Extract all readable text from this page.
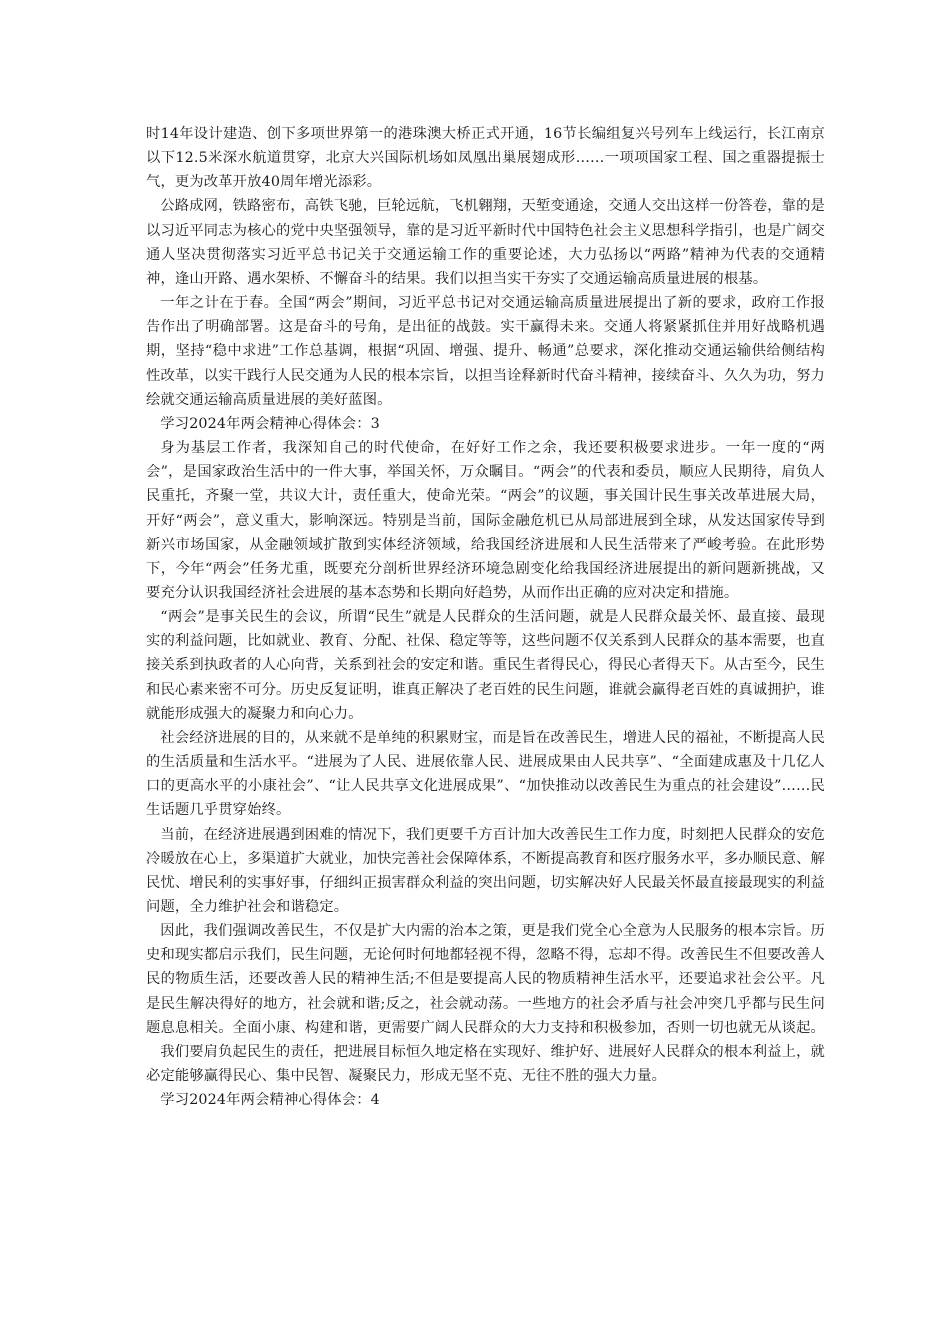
时14年设计建造、创下多项世界第一的港珠澳大桥正式开通，16节长编组复兴号列车上线运行，长江南京以下12.5米深水航道贯穿，北京大兴国际机场如凤凰出巢展翅成形……一项项国家工程、国之重器提振士气，更为改革开放40周年增光添彩。

公路成网，铁路密布，高铁飞驰，巨轮远航，飞机翱翔，天堑变通途，交通人交出这样一份答卷，靠的是以习近平同志为核心的党中央坚强领导，靠的是习近平新时代中国特色社会主义思想科学指引，也是广阔交通人坚决贯彻落实习近平总书记关于交通运输工作的重要论述，大力弘扬以“两路”精神为代表的交通精神，逢山开路、遇水架桥、不懈奋斗的结果。我们以担当实干夯实了交通运输高质量进展的根基。

一年之计在于春。全国“两会”期间，习近平总书记对交通运输高质量进展提出了新的要求，政府工作报告作出了明确部署。这是奋斗的号角，是出征的战鼓。实干赢得未来。交通人将紧紧抓住并用好战略机遇期，坚持“稳中求进”工作总基调，根据“巩固、增强、提升、畅通”总要求，深化推动交通运输供给侧结构性改革，以实干践行人民交通为人民的根本宗旨，以担当诠释新时代奋斗精神，接续奋斗、久久为功，努力绘就交通运输高质量进展的美好蓝图。

学习2024年两会精神心得体会：3

身为基层工作者，我深知自己的时代使命，在好好工作之余，我还要积极要求进步。一年一度的“两会”，是国家政治生活中的一件大事，举国关怀，万众瞩目。“两会”的代表和委员，顺应人民期待，肩负人民重托，齐聚一堂，共议大计，责任重大，使命光荣。“两会”的议题，事关国计民生事关改革进展大局，开好“两会”，意义重大，影响深远。特别是当前，国际金融危机已从局部进展到全球，从发达国家传导到新兴市场国家，从金融领域扩散到实体经济领域，给我国经济进展和人民生活带来了严峻考验。在此形势下，今年“两会”任务尤重，既要充分剖析世界经济环境急剧变化给我国经济进展提出的新问题新挑战，又要充分认识我国经济社会进展的基本态势和长期向好趋势，从而作出正确的应对决定和措施。

“两会”是事关民生的会议，所谓“民生”就是人民群众的生活问题，就是人民群众最关怀、最直接、最现实的利益问题，比如就业、教育、分配、社保、稳定等等，这些问题不仅关系到人民群众的基本需要，也直接关系到执政者的人心向背，关系到社会的安定和谐。重民生者得民心，得民心者得天下。从古至今，民生和民心素来密不可分。历史反复证明，谁真正解决了老百姓的民生问题，谁就会赢得老百姓的真诚拥护，谁就能形成强大的凝聚力和向心力。

社会经济进展的目的，从来就不是单纯的积累财宝，而是旨在改善民生，增进人民的福祉，不断提高人民的生活质量和生活水平。“进展为了人民、进展依靠人民、进展成果由人民共享”、“全面建成惠及十几亿人口的更高水平的小康社会”、“让人民共享文化进展成果”、“加快推动以改善民生为重点的社会建设”……民生话题几乎贯穿始终。

当前，在经济进展遇到困难的情况下，我们更要千方百计加大改善民生工作力度，时刻把人民群众的安危冷暖放在心上，多渠道扩大就业，加快完善社会保障体系，不断提高教育和医疗服务水平，多办顺民意、解民忧、增民利的实事好事，仔细纠正损害群众利益的突出问题，切实解决好人民最关怀最直接最现实的利益问题，全力维护社会和谐稳定。

因此，我们强调改善民生，不仅是扩大内需的治本之策，更是我们党全心全意为人民服务的根本宗旨。历史和现实都启示我们，民生问题，无论何时何地都轻视不得，忽略不得，忘却不得。改善民生不但要改善人民的物质生活，还要改善人民的精神生活;不但是要提高人民的物质精神生活水平，还要追求社会公平。凡是民生解决得好的地方，社会就和谐;反之，社会就动荡。一些地方的社会矛盾与社会冲突几乎都与民生问题息息相关。全面小康、构建和谐，更需要广阔人民群众的大力支持和积极参加，否则一切也就无从谈起。

我们要肩负起民生的责任，把进展目标恒久地定格在实现好、维护好、进展好人民群众的根本利益上，就必定能够赢得民心、集中民智、凝聚民力，形成无坚不克、无往不胜的强大力量。

学习2024年两会精神心得体会：4
